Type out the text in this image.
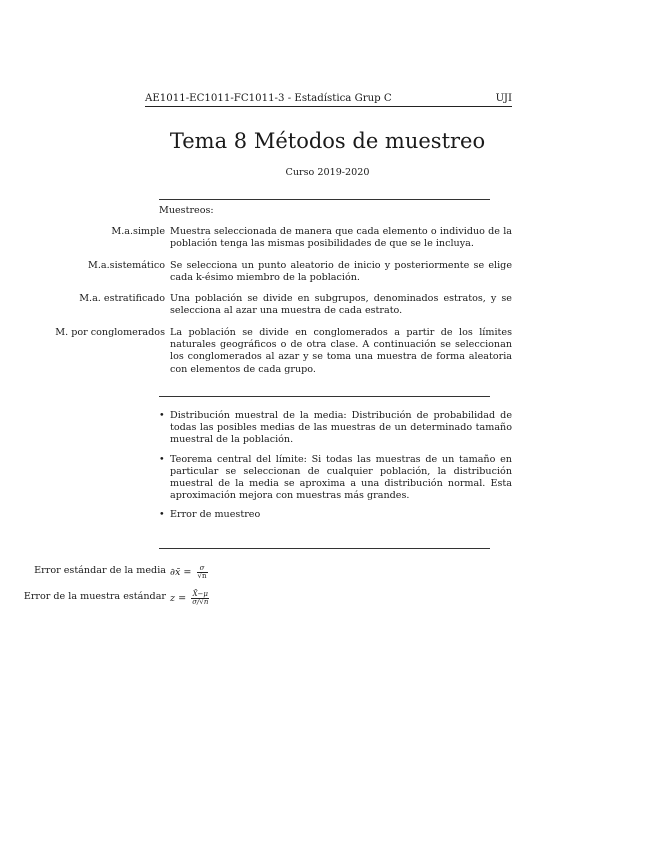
AE1011-EC1011-FC1011-3 - Estadística Grup C	UJI
Tema 8 Métodos de muestreo
Curso 2019-2020
Muestreos:
M.a.simple Muestra seleccionada de manera que cada elemento o individuo de la población tenga las mismas posibilidades de que se le incluya.
M.a.sistemático Se selecciona un punto aleatorio de inicio y posteriormente se elige cada k-ésimo miembro de la población.
M.a. estratificado Una población se divide en subgrupos, denominados estratos, y se selecciona al azar una muestra de cada estrato.
M. por conglomerados La población se divide en conglomerados a partir de los límites naturales geográficos o de otra clase. A continuación se seleccionan los conglomerados al azar y se toma una muestra de forma aleatoria con elementos de cada grupo.
• Distribución muestral de la media: Distribución de probabilidad de todas las posibles medias de las muestras de un determinado tamaño muestral de la población.
• Teorema central del límite: Si todas las muestras de un tamaño en particular se seleccionan de cualquier población, la distribución muestral de la media se aproxima a una distribución normal. Esta aproximación mejora con muestras más grandes.
• Error de muestreo
Error estándar de la media ∂x̄ = $\frac{\sigma}{√n}$
Error de la muestra estándar $z = \frac{X̄-\mu}{\sigma/√n}$
